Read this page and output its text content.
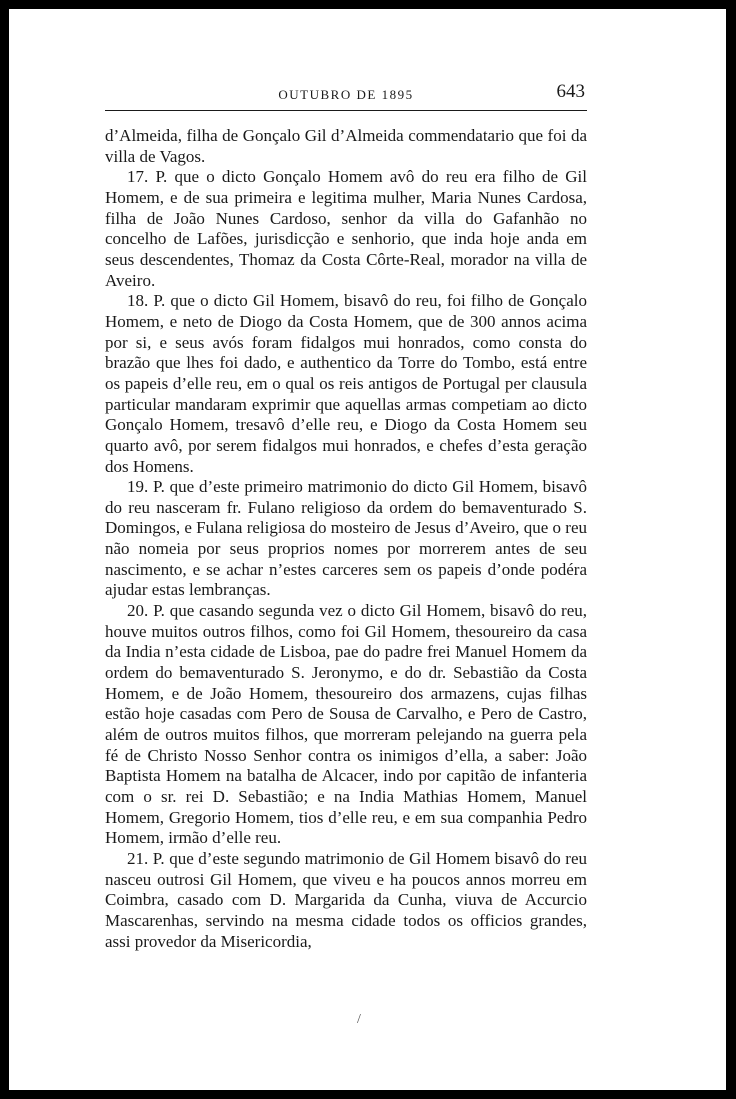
OUTUBRO DE 1895	643

d’Almeida, filha de Gonçalo Gil d’Almeida commendatario que foi da villa de Vagos.

17. P. que o dicto Gonçalo Homem avô do reu era filho de Gil Homem, e de sua primeira e legitima mulher, Maria Nunes Cardosa, filha de João Nunes Cardoso, senhor da villa do Gafanhão no concelho de Lafões, jurisdicção e senhorio, que inda hoje anda em seus descendentes, Thomaz da Costa Côrte-Real, morador na villa de Aveiro.

18. P. que o dicto Gil Homem, bisavô do reu, foi filho de Gonçalo Homem, e neto de Diogo da Costa Homem, que de 300 annos acima por si, e seus avós foram fidalgos mui honrados, como consta do brazão que lhes foi dado, e authentico da Torre do Tombo, está entre os papeis d’elle reu, em o qual os reis antigos de Portugal per clausula particular mandaram exprimir que aquellas armas competiam ao dicto Gonçalo Homem, tresavô d’elle reu, e Diogo da Costa Homem seu quarto avô, por serem fidalgos mui honrados, e chefes d’esta geração dos Homens.

19. P. que d’este primeiro matrimonio do dicto Gil Homem, bisavô do reu nasceram fr. Fulano religioso da ordem do bemaventurado S. Domingos, e Fulana religiosa do mosteiro de Jesus d’Aveiro, que o reu não nomeia por seus proprios nomes por morrerem antes de seu nascimento, e se achar n’estes carceres sem os papeis d’onde podéra ajudar estas lembranças.

20. P. que casando segunda vez o dicto Gil Homem, bisavô do reu, houve muitos outros filhos, como foi Gil Homem, thesoureiro da casa da India n’esta cidade de Lisboa, pae do padre frei Manuel Homem da ordem do bemaventurado S. Jeronymo, e do dr. Sebastião da Costa Homem, e de João Homem, thesoureiro dos armazens, cujas filhas estão hoje casadas com Pero de Sousa de Carvalho, e Pero de Castro, além de outros muitos filhos, que morreram pelejando na guerra pela fé de Christo Nosso Senhor contra os inimigos d’ella, a saber: João Baptista Homem na batalha de Alcacer, indo por capitão de infanteria com o sr. rei D. Sebastião; e na India Mathias Homem, Manuel Homem, Gregorio Homem, tios d’elle reu, e em sua companhia Pedro Homem, irmão d’elle reu.

21. P. que d’este segundo matrimonio de Gil Homem bisavô do reu nasceu outrosi Gil Homem, que viveu e ha poucos annos morreu em Coimbra, casado com D. Margarida da Cunha, viuva de Accurcio Mascarenhas, servindo na mesma cidade todos os officios grandes, assi provedor da Misericordia,

/
